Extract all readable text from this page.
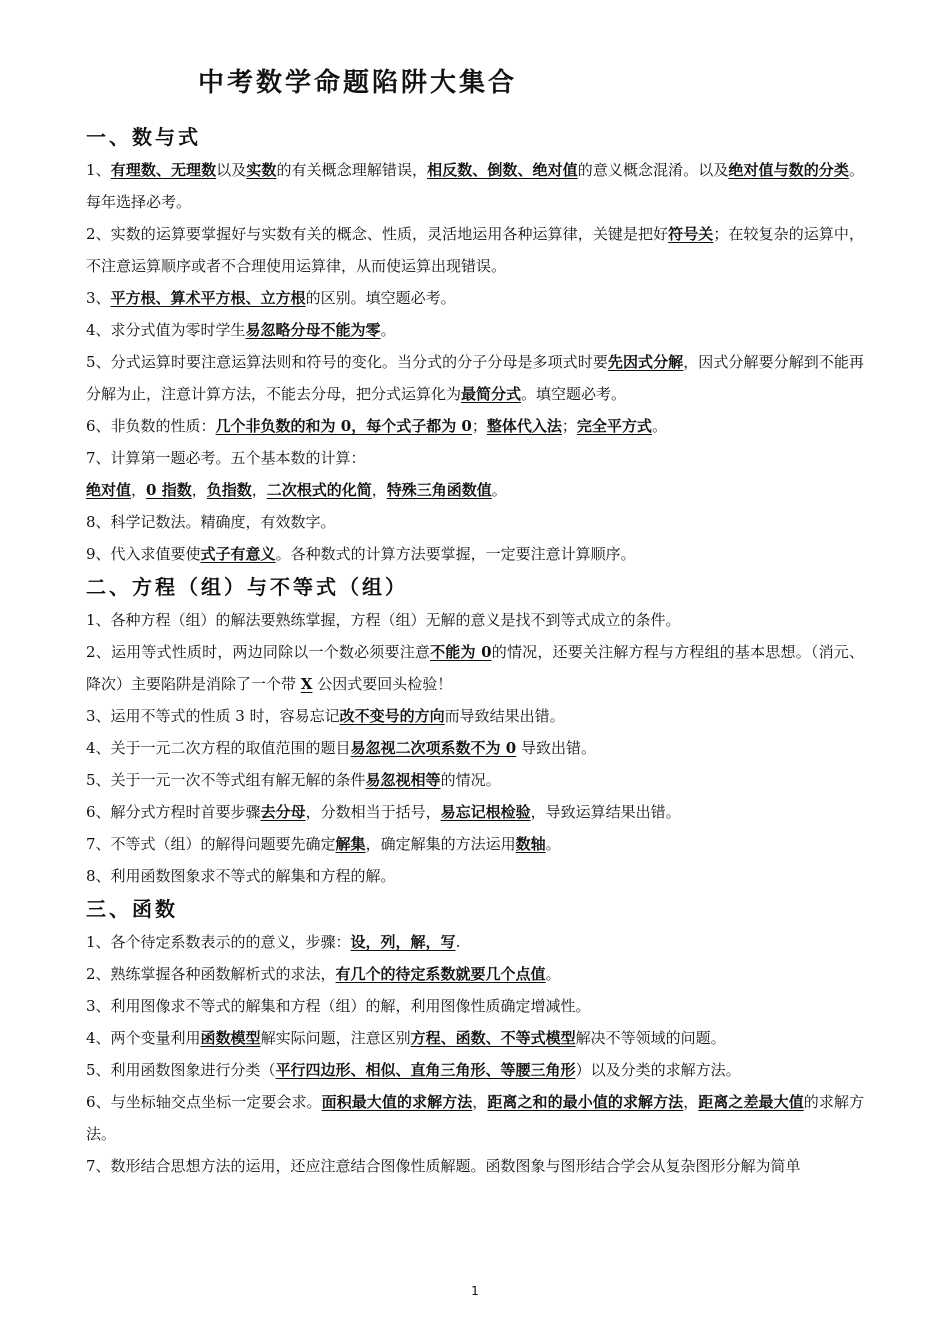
中考数学命题陷阱大集合
一、数与式

1、有理数、无理数以及实数的有关概念理解错误，相反数、倒数、绝对值的意义概念混淆。以及绝对值与数的分类。每年选择必考。

2、实数的运算要掌握好与实数有关的概念、性质，灵活地运用各种运算律，关键是把好符号关；在较复杂的运算中，不注意运算顺序或者不合理使用运算律，从而使运算出现错误。

3、平方根、算术平方根、立方根的区别。填空题必考。

4、求分式值为零时学生易忽略分母不能为零。

5、分式运算时要注意运算法则和符号的变化。当分式的分子分母是多项式时要先因式分解，因式分解要分解到不能再分解为止，注意计算方法，不能去分母，把分式运算化为最简分式。填空题必考。

6、非负数的性质：几个非负数的和为 0，每个式子都为 0；整体代入法；完全平方式。

7、计算第一题必考。五个基本数的计算：

绝对值，0 指数，负指数，二次根式的化简，特殊三角函数值。

8、科学记数法。精确度，有效数字。

9、代入求值要使式子有意义。各种数式的计算方法要掌握，一定要注意计算顺序。

二、方程（组）与不等式（组）

1、各种方程（组）的解法要熟练掌握，方程（组）无解的意义是找不到等式成立的条件。

2、运用等式性质时，两边同除以一个数必须要注意不能为 0的情况，还要关注解方程与方程组的基本思想。（消元、降次）主要陷阱是消除了一个带 X 公因式要回头检验！

3、运用不等式的性质 3 时，容易忘记改不变号的方向而导致结果出错。

4、关于一元二次方程的取值范围的题目易忽视二次项系数不为 0 导致出错。

5、关于一元一次不等式组有解无解的条件易忽视相等的情况。

6、解分式方程时首要步骤去分母，分数相当于括号，易忘记根检验，导致运算结果出错。

7、不等式（组）的解得问题要先确定解集，确定解集的方法运用数轴。

8、利用函数图象求不等式的解集和方程的解。

三、函数

1、各个待定系数表示的的意义，步骤：设，列，解，写.

2、熟练掌握各种函数解析式的求法，有几个的待定系数就要几个点值。

3、利用图像求不等式的解集和方程（组）的解，利用图像性质确定增减性。

4、两个变量利用函数模型解实际问题，注意区别方程、函数、不等式模型解决不等领域的问题。

5、利用函数图象进行分类（平行四边形、相似、直角三角形、等腰三角形）以及分类的求解方法。

6、与坐标轴交点坐标一定要会求。面积最大值的求解方法，距离之和的最小值的求解方法，距离之差最大值的求解方法。

7、数形结合思想方法的运用，还应注意结合图像性质解题。函数图象与图形结合学会从复杂图形分解为简单

1
